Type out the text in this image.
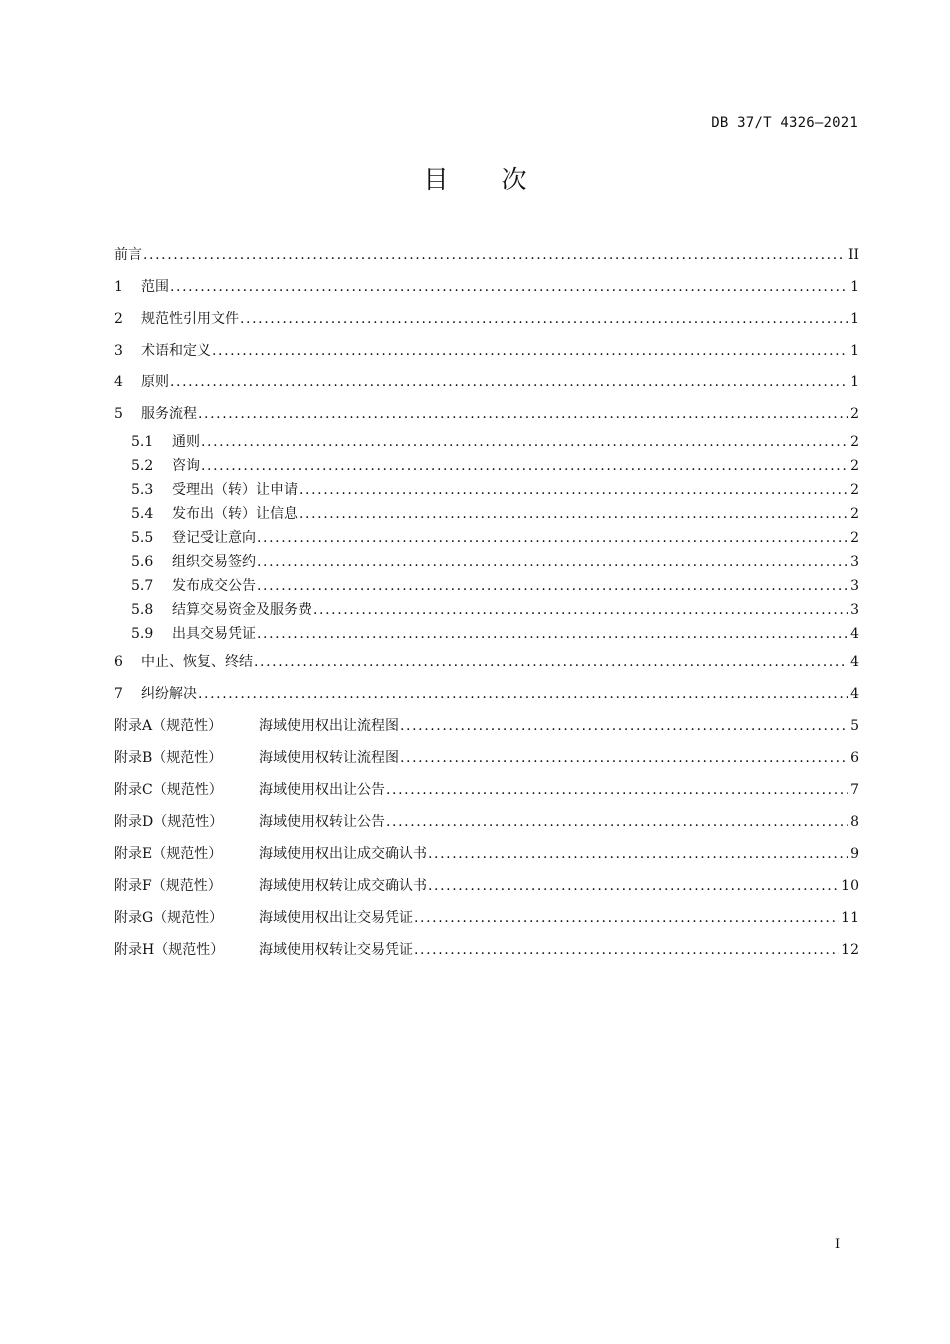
DB 37/T 4326—2021
目　次
前言 .....	II
1	范围 .....	1
2	规范性引用文件 .....	1
3	术语和定义 .....	1
4	原则 .....	1
5	服务流程 .....	2
5.1	通则 .....	2
5.2	咨询 .....	2
5.3	受理出（转）让申请 .....	2
5.4	发布出（转）让信息 .....	2
5.5	登记受让意向 .....	2
5.6	组织交易签约 .....	3
5.7	发布成交公告 .....	3
5.8	结算交易资金及服务费 .....	3
5.9	出具交易凭证 .....	4
6	中止、恢复、终结 .....	4
7	纠纷解决 .....	4
附录A（规范性）	海域使用权出让流程图 .....	5
附录B（规范性）	海域使用权转让流程图 .....	6
附录C（规范性）	海域使用权出让公告 .....	7
附录D（规范性）	海域使用权转让公告 .....	8
附录E（规范性）	海域使用权出让成交确认书 .....	9
附录F（规范性）	海域使用权转让成交确认书 .....	10
附录G（规范性）	海域使用权出让交易凭证 .....	11
附录H（规范性）	海域使用权转让交易凭证 .....	12
I
